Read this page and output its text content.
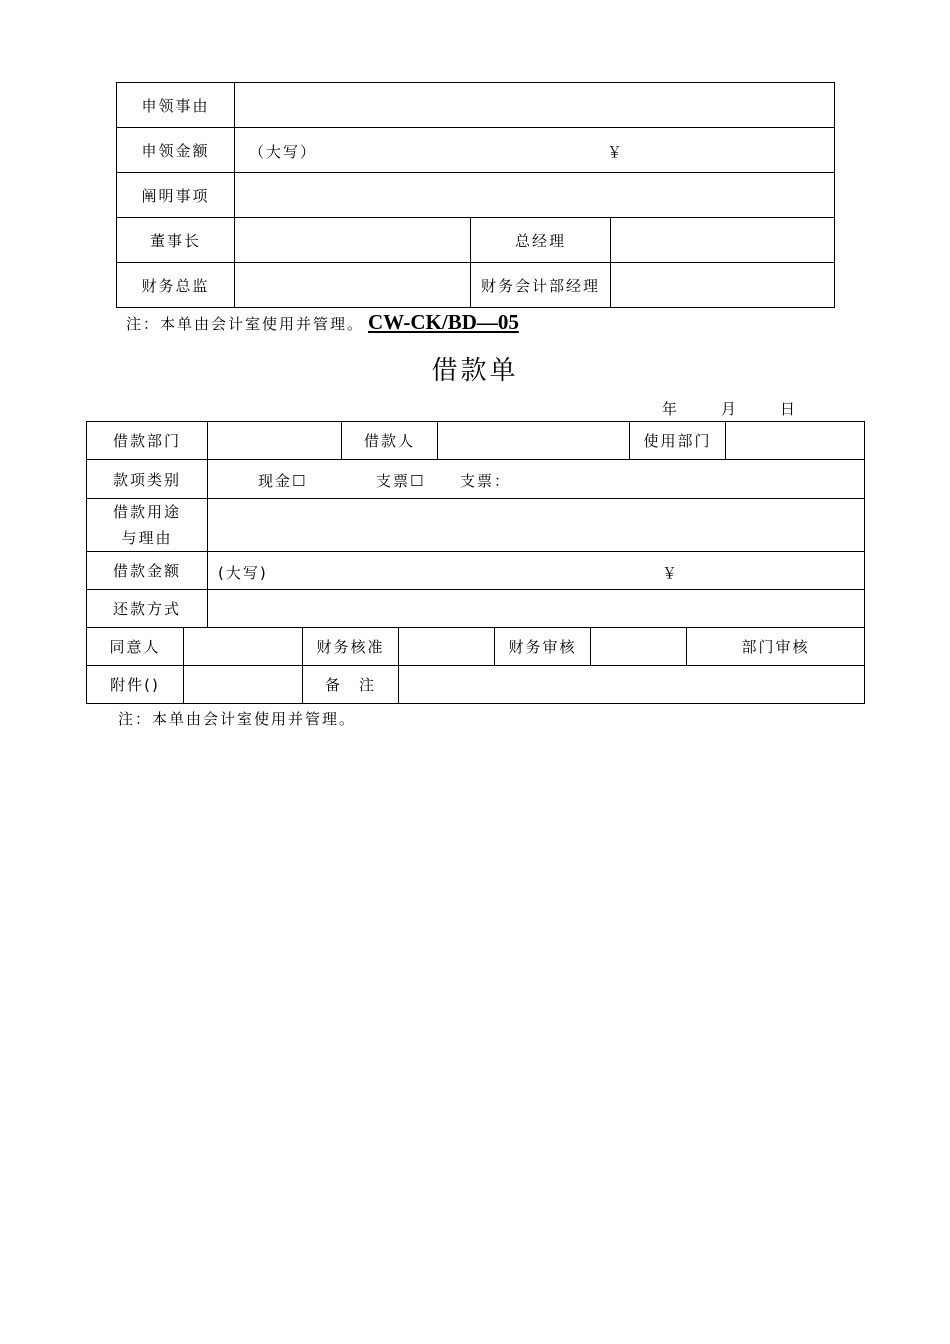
申领事由			
申领金额	（大写） ￥		

阐明事项			
董事长		总经理	
财务总监		财务会计部经理	
注：本单由会计室使用并管理。 CW-CK/BD—05
借款单
年	月	日
借款部门				借款人					使用部门		
款项类别		现金☐ 支票☐ 支票：									

借款用途
与理由											

借款金额		(大写) ￥									

还款方式											
同意人			财务核准				财务审核			部门审核	
附件()			备　注								
注：本单由会计室使用并管理。
